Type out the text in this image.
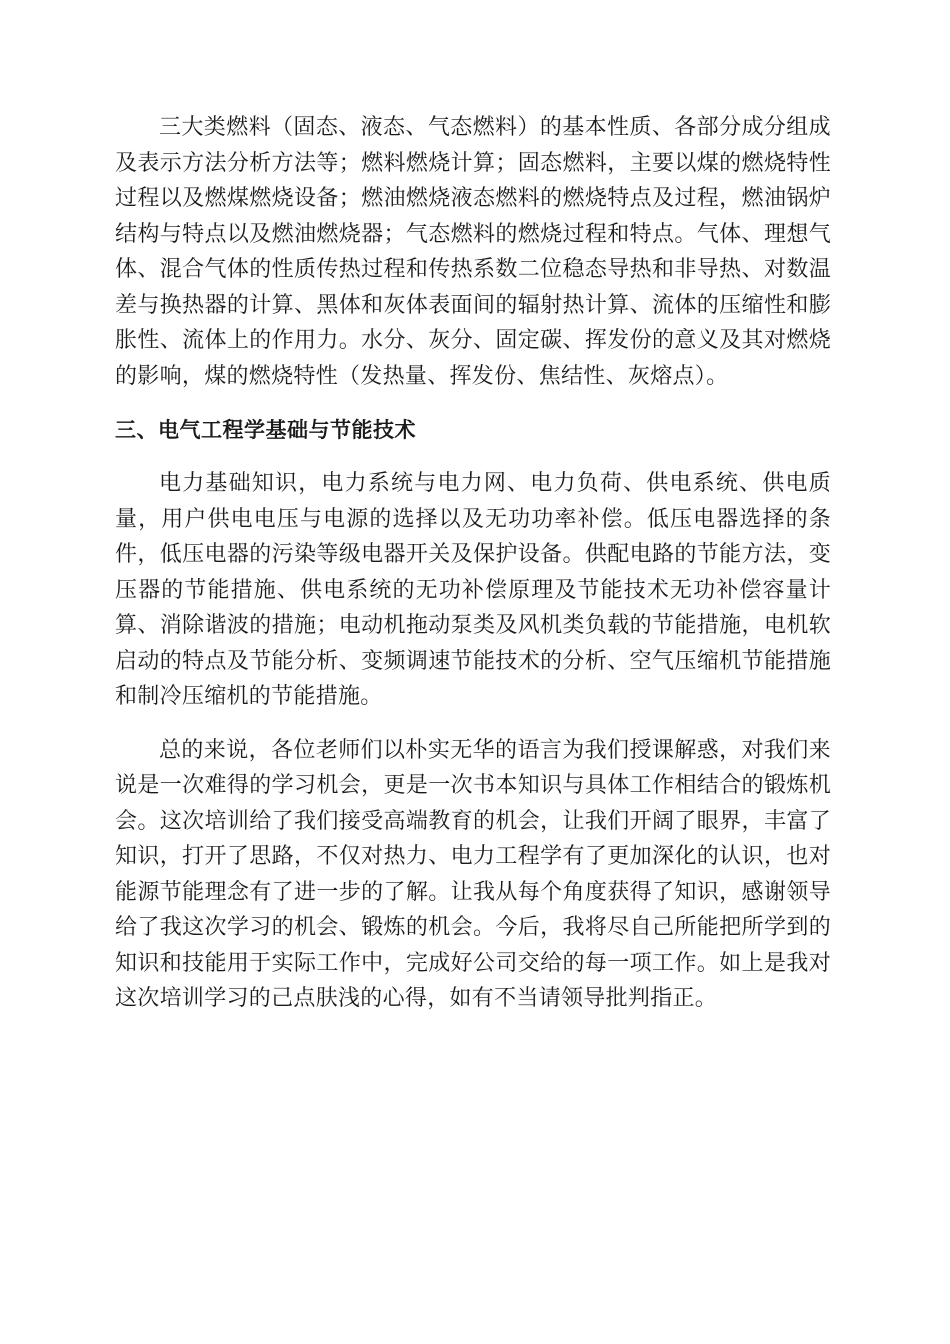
三大类燃料（固态、液态、气态燃料）的基本性质、各部分成分组成及表示方法分析方法等；燃料燃烧计算；固态燃料，主要以煤的燃烧特性过程以及燃煤燃烧设备；燃油燃烧液态燃料的燃烧特点及过程，燃油锅炉结构与特点以及燃油燃烧器；气态燃料的燃烧过程和特点。气体、理想气体、混合气体的性质传热过程和传热系数二位稳态导热和非导热、对数温差与换热器的计算、黑体和灰体表面间的辐射热计算、流体的压缩性和膨胀性、流体上的作用力。水分、灰分、固定碳、挥发份的意义及其对燃烧的影响，煤的燃烧特性（发热量、挥发份、焦结性、灰熔点）。

三、电气工程学基础与节能技术

电力基础知识，电力系统与电力网、电力负荷、供电系统、供电质量，用户供电电压与电源的选择以及无功功率补偿。低压电器选择的条件，低压电器的污染等级电器开关及保护设备。供配电路的节能方法，变压器的节能措施、供电系统的无功补偿原理及节能技术无功补偿容量计算、消除谐波的措施；电动机拖动泵类及风机类负载的节能措施，电机软启动的特点及节能分析、变频调速节能技术的分析、空气压缩机节能措施和制冷压缩机的节能措施。

总的来说，各位老师们以朴实无华的语言为我们授课解惑，对我们来说是一次难得的学习机会，更是一次书本知识与具体工作相结合的锻炼机会。这次培训给了我们接受高端教育的机会，让我们开阔了眼界，丰富了知识，打开了思路，不仅对热力、电力工程学有了更加深化的认识，也对能源节能理念有了进一步的了解。让我从每个角度获得了知识，感谢领导给了我这次学习的机会、锻炼的机会。今后，我将尽自己所能把所学到的知识和技能用于实际工作中，完成好公司交给的每一项工作。如上是我对这次培训学习的己点肤浅的心得，如有不当请领导批判指正。
